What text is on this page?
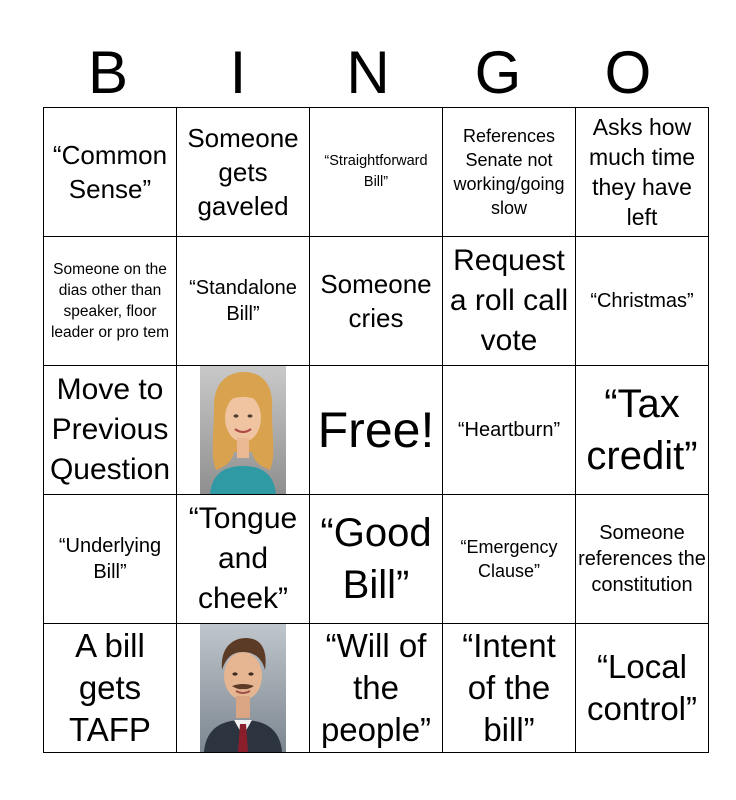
B	I	N	G	O
“Common Sense”	Someone gets gaveled	“Straightforward Bill”	References Senate not working/going slow	Asks how much time they have left

Someone on the dias other than speaker, floor leader or pro tem	“Standalone Bill”	Someone cries	Request a roll call vote	“Christmas”

Move to Previous Question		Free!	“Heartburn”	“Tax credit”

“Underlying Bill”	“Tongue and cheek”	“Good Bill”	“Emergency Clause”	Someone references the constitution

A bill gets TAFP		“Will of the people”	“Intent of the bill”	“Local control”
